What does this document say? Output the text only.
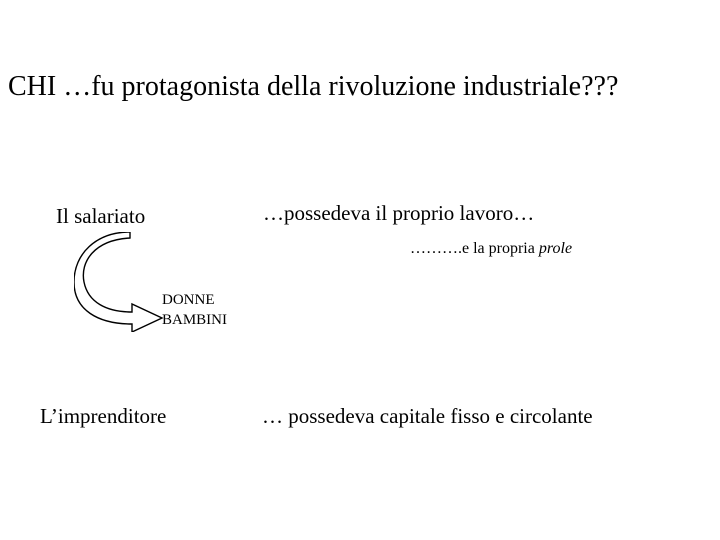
CHI …fu protagonista della rivoluzione industriale???
Il salariato	…possedeva il proprio lavoro…
……….e la propria prole
DONNE
BAMBINI
L’imprenditore	… possedeva capitale fisso e circolante
